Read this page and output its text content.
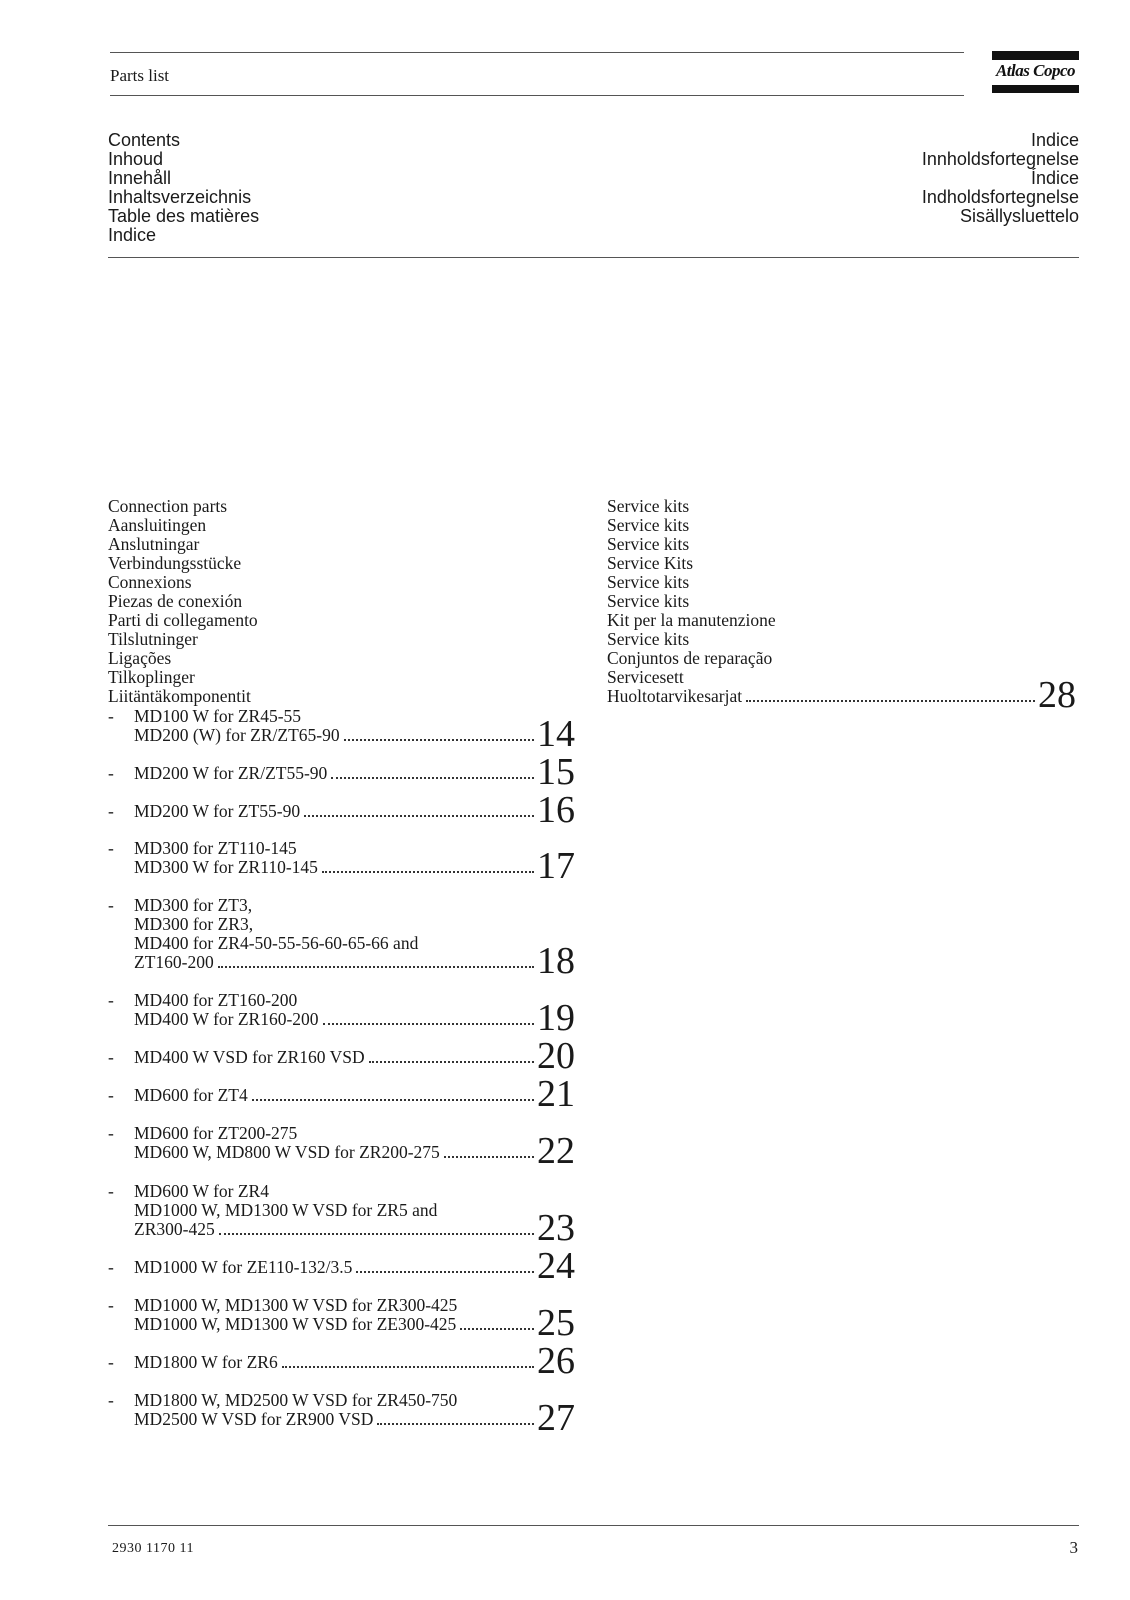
Parts list	Atlas Copco
Contents
Inhoud
Innehåll
Inhaltsverzeichnis
Table des matières
Indice
Indice
Innholdsfortegnelse
Índice
Indholdsfortegnelse
Sisällysluettelo
Connection parts
Aansluitingen
Anslutningar
Verbindungsstücke
Connexions
Piezas de conexión
Parti di collegamento
Tilslutninger
Ligações
Tilkoplinger
Liitäntäkomponentit
- MD100 W for ZR45-55
MD200 (W) for ZR/ZT65-90	14
- MD200 W for ZR/ZT55-90	15
- MD200 W for ZT55-90	16
- MD300 for ZT110-145
MD300 W for ZR110-145	17
- MD300 for ZT3,
MD300 for ZR3,
MD400 for ZR4-50-55-56-60-65-66 and
ZT160-200	18
- MD400 for ZT160-200
MD400 W for ZR160-200	19
- MD400 W VSD for ZR160 VSD	20
- MD600 for ZT4	21
- MD600 for ZT200-275
MD600 W, MD800 W VSD for ZR200-275	22
- MD600 W for ZR4
MD1000 W, MD1300 W VSD for ZR5 and
ZR300-425	23
- MD1000 W for ZE110-132/3.5	24
- MD1000 W, MD1300 W VSD for ZR300-425
MD1000 W, MD1300 W VSD for ZE300-425 25
- MD1800 W for ZR6	26
- MD1800 W, MD2500 W VSD for ZR450-750
MD2500 W VSD for ZR900 VSD	27
Service kits
Service kits
Service kits
Service Kits
Service kits
Service kits
Kit per la manutenzione
Service kits
Conjuntos de reparação
Servicesett
Huoltotarvikesarjat	28
2930 1170 11	3
